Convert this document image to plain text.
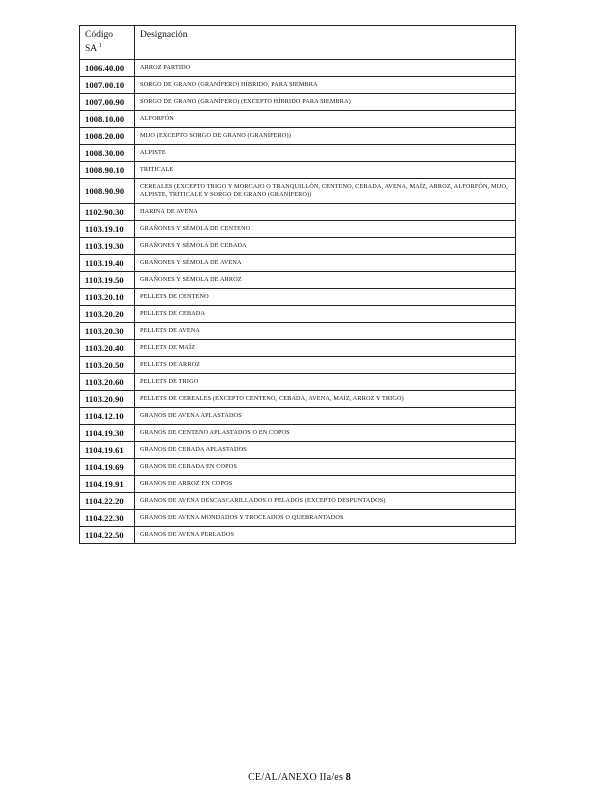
Código
SA $^1$	Designación
1006.40.00	ARROZ PARTIDO
1007.00.10	SORGO DE GRANO (GRANÍFERO) HÍBRIDO, PARA SIEMBRA
1007.00.90	SORGO DE GRANO (GRANÍFERO) (EXCEPTO HÍBRIDO PARA SIEMBRA)
1008.10.00	ALFORFÓN
1008.20.00	MIJO (EXCEPTO SORGO DE GRANO (GRANÍFERO))
1008.30.00	ALPISTE
1008.90.10	TRITICALE
1008.90.90	CEREALES (EXCEPTO TRIGO Y MORCAJO O TRANQUILLÓN, CENTENO, CEBADA, AVENA, MAÍZ, ARROZ, ALFORFÓN, MIJO, ALPISTE, TRITICALE Y SORGO DE GRANO (GRANÍFERO))
1102.90.30	HARINA DE AVENA
1103.19.10	GRAÑONES Y SÉMOLA DE CENTENO
1103.19.30	GRAÑONES Y SÉMOLA DE CEBADA
1103.19.40	GRAÑONES Y SÉMOLA DE AVENA
1103.19.50	GRAÑONES Y SÉMOLA DE ARROZ
1103.20.10	PELLETS DE CENTENO
1103.20.20	PELLETS DE CEBADA
1103.20.30	PELLETS DE AVENA
1103.20.40	PELLETS DE MAÍZ
1103.20.50	PELLETS DE ARROZ
1103.20.60	PELLETS DE TRIGO
1103.20.90	PELLETS DE CEREALES (EXCEPTO CENTENO, CEBADA, AVENA, MAÍZ, ARROZ Y TRIGO)
1104.12.10	GRANOS DE AVENA APLASTADOS
1104.19.30	GRANOS DE CENTENO APLASTADOS O EN COPOS
1104.19.61	GRANOS DE CEBADA APLASTADOS
1104.19.69	GRANOS DE CEBADA EN COPOS
1104.19.91	GRANOS DE ARROZ EN COPOS
1104.22.20	GRANOS DE AVENA DESCASCARILLADOS O PELADOS (EXCEPTO DESPUNTADOS)
1104.22.30	GRANOS DE AVENA MONDADOS Y TROCEADOS O QUEBRANTADOS
1104.22.50	GRANOS DE AVENA PERLADOS
CE/AL/ANEXO IIa/es 8
